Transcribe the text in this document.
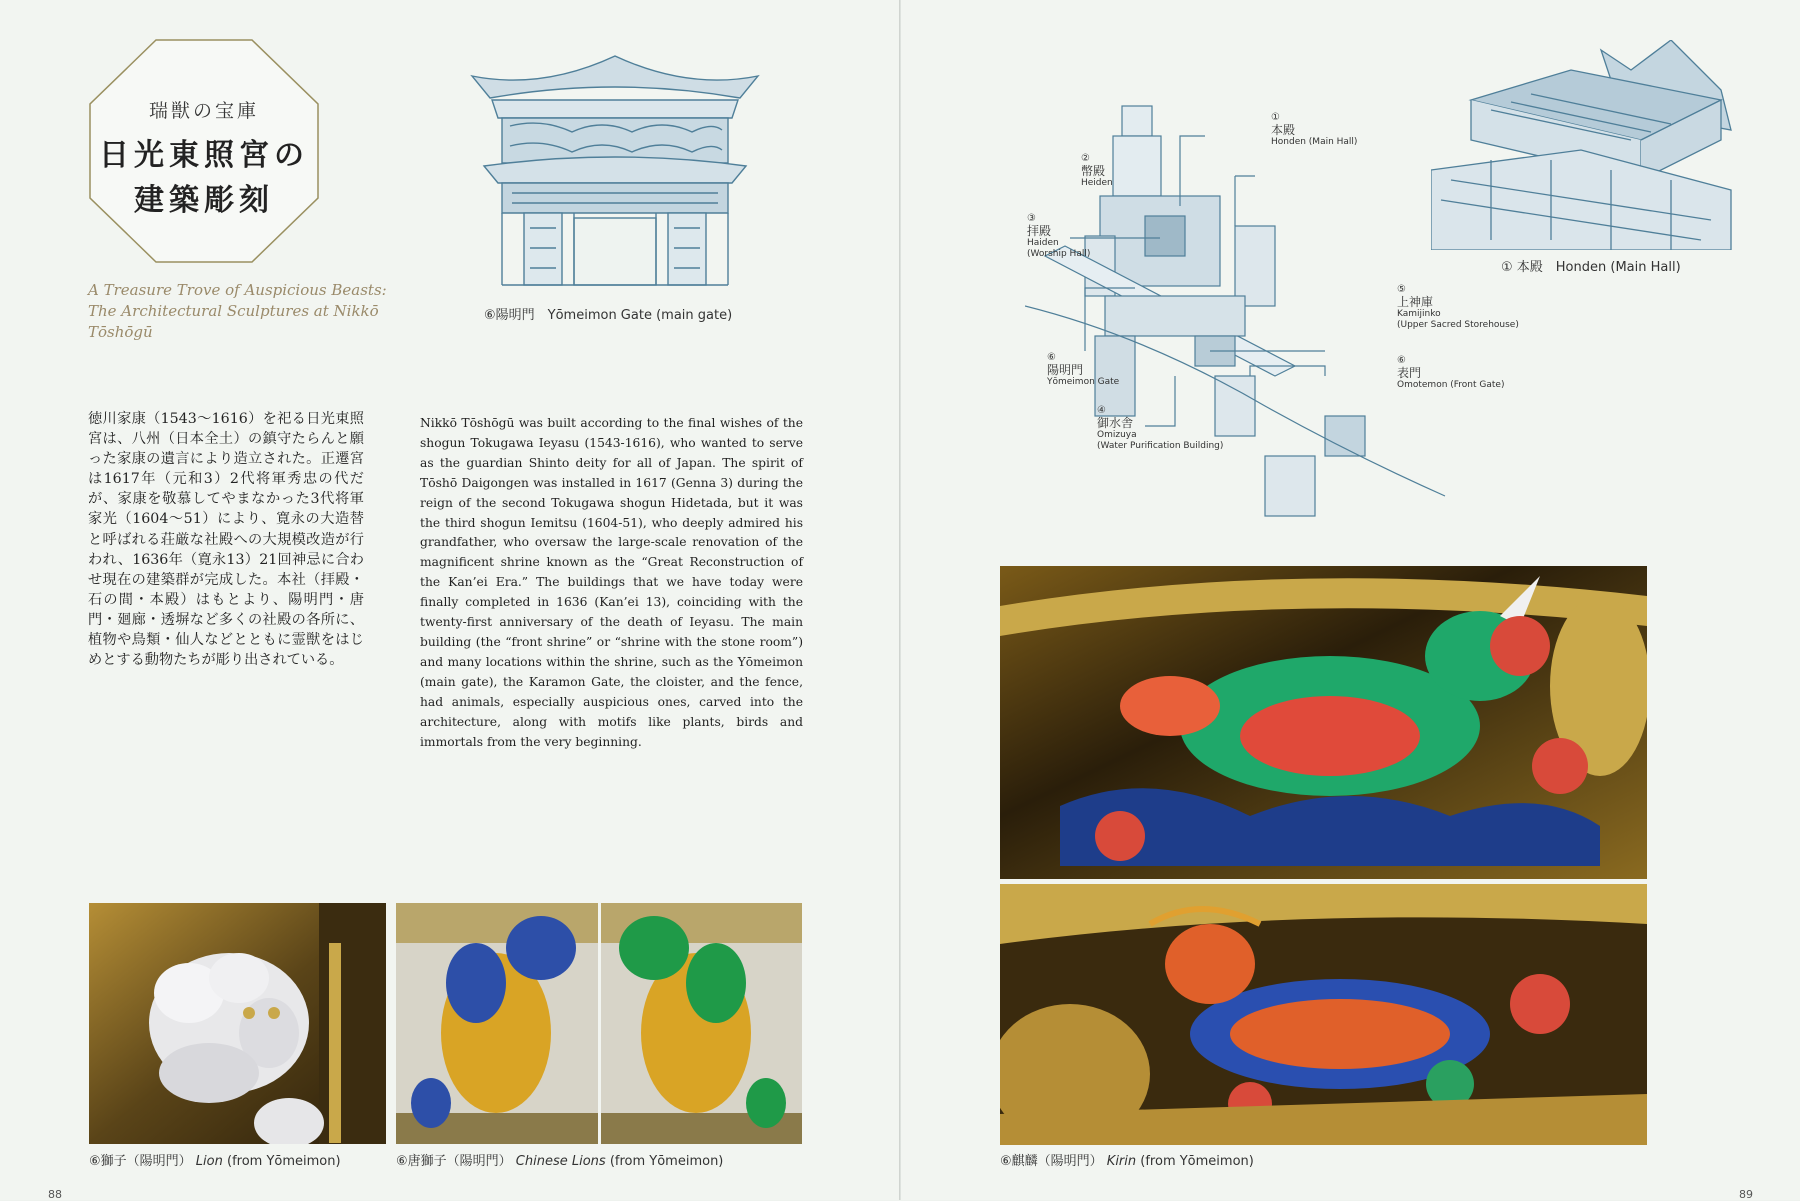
瑞獣の宝庫
日光東照宮の
建築彫刻
A Treasure Trove of Auspicious Beasts:
The Architectural Sculptures at Nikkō Tōshōgū
⑥陽明門　Yōmeimon Gate (main gate)
徳川家康（1543～1616）を祀る日光東照宮は、八州（日本全土）の鎮守たらんと願った家康の遺言により造立された。正遷宮は1617年（元和3）2代将軍秀忠の代だが、家康を敬慕してやまなかった3代将軍家光（1604～51）により、寛永の大造替と呼ばれる荘厳な社殿への大規模改造が行われ、1636年（寛永13）21回神忌に合わせ現在の建築群が完成した。本社（拝殿・石の間・本殿）はもとより、陽明門・唐門・廻廊・透塀など多くの社殿の各所に、植物や鳥類・仙人などとともに霊獣をはじめとする動物たちが彫り出されている。
Nikkō Tōshōgū was built according to the final wishes of the shogun Tokugawa Ieyasu (1543-1616), who wanted to serve as the guardian Shinto deity for all of Japan. The spirit of Tōshō Daigongen was installed in 1617 (Genna 3) during the reign of the second Tokugawa shogun Hidetada, but it was the third shogun Iemitsu (1604-51), who deeply admired his grandfather, who oversaw the large-scale renovation of the magnificent shrine known as the “Great Reconstruction of the Kan’ei Era.” The buildings that we have today were finally completed in 1636 (Kan’ei 13), coinciding with the twenty-first anniversary of the death of Ieyasu. The main building (the “front shrine” or “shrine with the stone room”) and many locations within the shrine, such as the Yōmeimon (main gate), the Karamon Gate, the cloister, and the fence, had animals, especially auspicious ones, carved into the architecture, along with motifs like plants, birds and immortals from the very beginning.
⑥獅子（陽明門） Lion (from Yōmeimon)	⑥唐獅子（陽明門） Chinese Lions (from Yōmeimon)
88
①
本殿
Honden (Main Hall)
②
幣殿
Heiden
③
拝殿
Haiden
(Worship Hall)
④
御水舎
Omizuya
(Water Purification Building)
⑤
上神庫
Kamijinko
(Upper Sacred Storehouse)
⑥
陽明門
Yōmeimon Gate
⑥
表門
Omotemon (Front Gate)
① 本殿　Honden (Main Hall)
⑥麒麟（陽明門） Kirin (from Yōmeimon)
89
